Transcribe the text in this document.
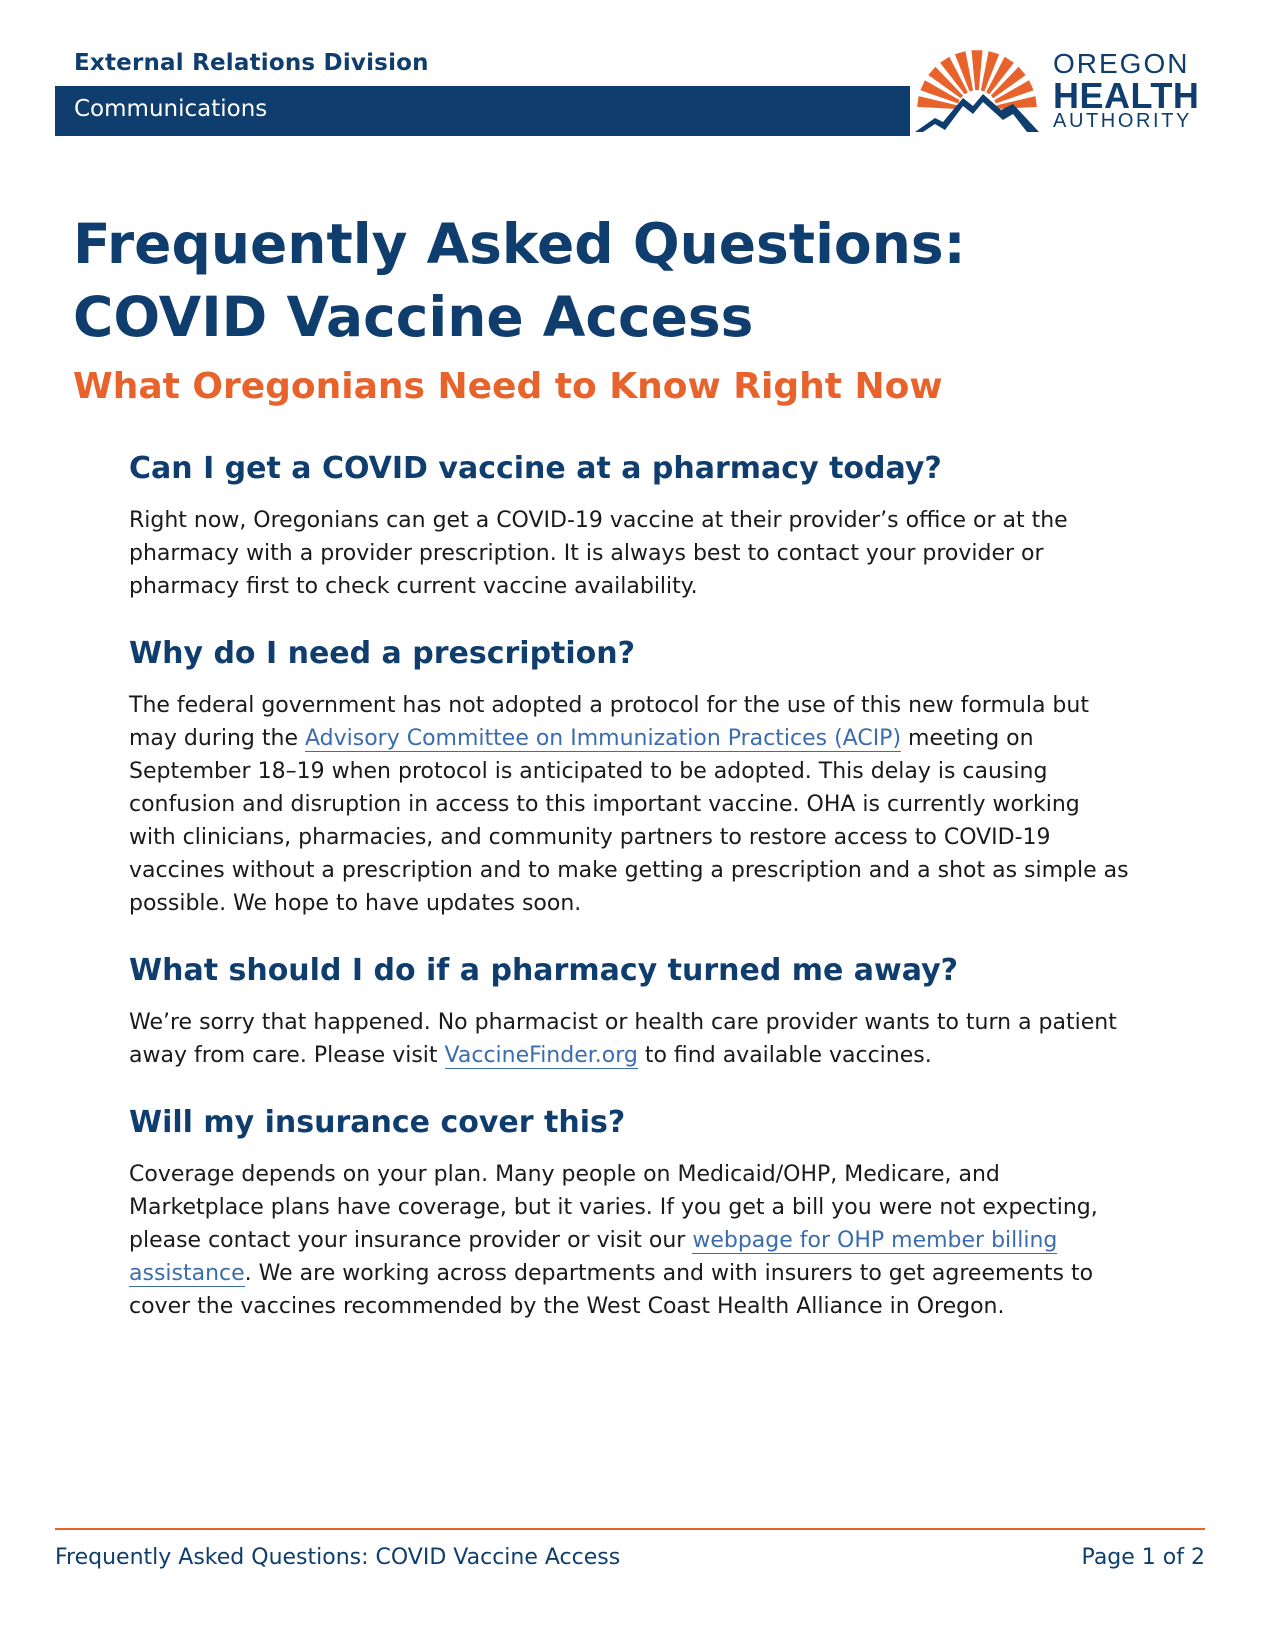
External Relations Division
Communications
OREGON
HEALTH
AUTHORITY
Frequently Asked Questions:
COVID Vaccine Access
What Oregonians Need to Know Right Now
Can I get a COVID vaccine at a pharmacy today?

Right now, Oregonians can get a COVID-19 vaccine at their provider’s office or at the pharmacy with a provider prescription. It is always best to contact your provider or pharmacy first to check current vaccine availability.

Why do I need a prescription?

The federal government has not adopted a protocol for the use of this new formula but may during the Advisory Committee on Immunization Practices (ACIP) meeting on September 18–19 when protocol is anticipated to be adopted. This delay is causing confusion and disruption in access to this important vaccine. OHA is currently working with clinicians, pharmacies, and community partners to restore access to COVID-19 vaccines without a prescription and to make getting a prescription and a shot as simple as possible. We hope to have updates soon.

What should I do if a pharmacy turned me away?

We’re sorry that happened. No pharmacist or health care provider wants to turn a patient away from care. Please visit VaccineFinder.org to find available vaccines.

Will my insurance cover this?

Coverage depends on your plan. Many people on Medicaid/OHP, Medicare, and Marketplace plans have coverage, but it varies. If you get a bill you were not expecting, please contact your insurance provider or visit our webpage for OHP member billing assistance. We are working across departments and with insurers to get agreements to cover the vaccines recommended by the West Coast Health Alliance in Oregon.

Frequently Asked Questions: COVID Vaccine Access	Page 1 of 2
